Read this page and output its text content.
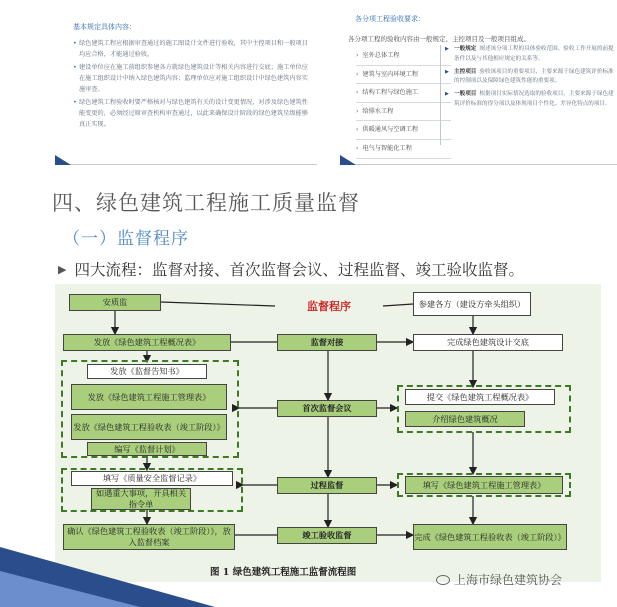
基本规定具体内容：
• 绿色建筑工程应根据审查通过的施工图设计文件进行验收，其中主控项目和一般项目均应合格，才能通过验收。
• 建设单位应在施工前组织参建各方就绿色建筑设计等相关内容进行交底；施工单位应在施工组织设计中纳入绿色建筑内容；监理单位应对施工组织设计中绿色建筑内容实施审查。
• 绿色建筑工程验收时要严格核对与绿色建筑有关的设计变更情况，对涉及绿色建筑性能变更的，必须经过原审查机构审查通过，以此来确保设计阶段的绿色建筑星级能够真正实现。
各分项工程验收要求：
各分项工程的验收内容由一般规定、主控项目及一般项目组成。
› 室外总体工程
› 建筑与室内环境工程
› 结构工程与绿色施工
› 给排水工程
› 供暖通风与空调工程
› 电气与智能化工程
▶ 一般规定 阐述该分项工程的具体验收范围、验收工作开展的前提条件以及与其他相应规定的关系等。
▶ 主控项目 验收该项目的重要项目，主要来源于绿色建筑评价标准的控制项以及保障绿色建筑性能的重要项。
▶ 一般项目 根据项目实际情况选取的验收项目，主要来源于绿色建筑评价标准的得分项以及体现项目个性化、差异化特点的项目。
四、绿色建筑工程施工质量监督
（一）监督程序
▶ 四大流程：监督对接、首次监督会议、过程监督、竣工验收监督。
监督程序
安质监
发放《绿色建筑工程概况表》
发放《监督告知书》
发放《绿色建筑工程施工管理表》
发放《绿色建筑工程验收表（竣工阶段）》
编写《监督计划》
填写《质量安全监督记录》
如遇重大事项，开具相关指令单
确认《绿色建筑工程验收表（竣工阶段）》，放入监督档案
监督对接
首次监督会议
过程监督
竣工验收监督
参建各方（建设方牵头组织）
完成绿色建筑设计交底
提交《绿色建筑工程概况表》
介绍绿色建筑概况
填写《绿色建筑工程施工管理表》
完成《绿色建筑工程验收表（竣工阶段）》
图 1 绿色建筑工程施工监督流程图
上海市绿色建筑协会
